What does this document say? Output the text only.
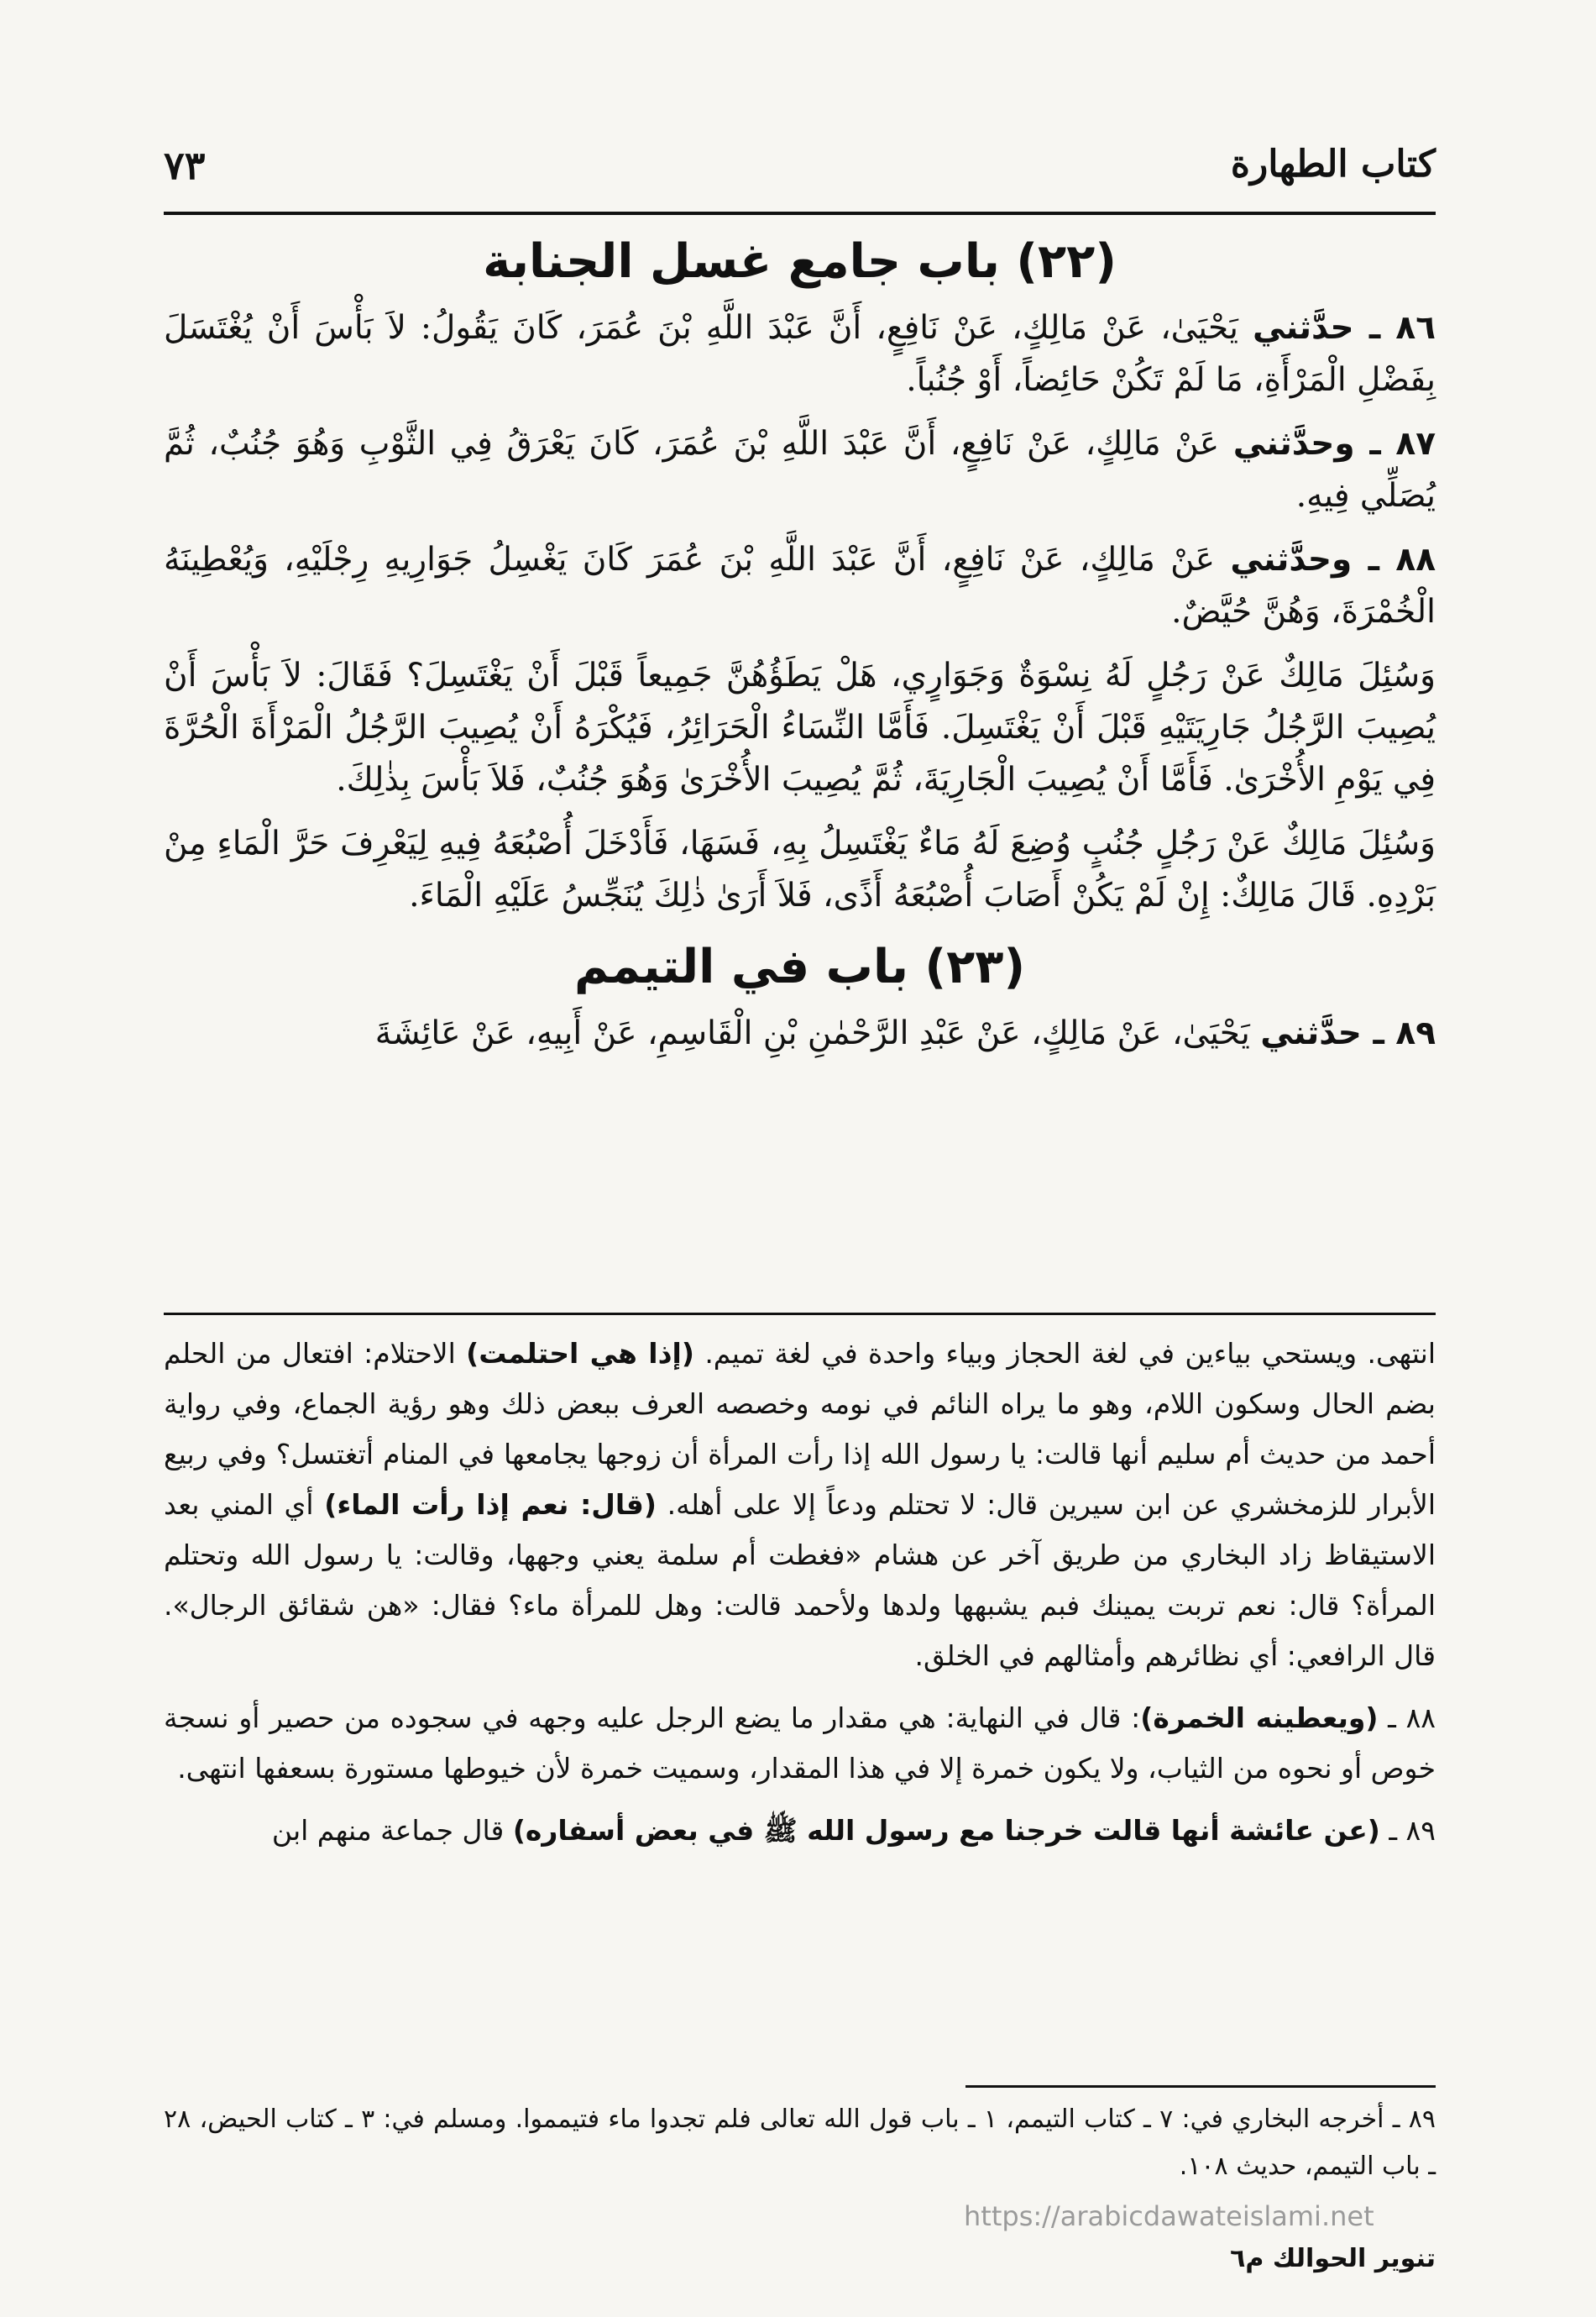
كتاب الطهارة
٧٣
(٢٢) باب جامع غسل الجنابة

٨٦ ـ حدَّثني يَحْيَىٰ، عَنْ مَالِكٍ، عَنْ نَافِعٍ، أَنَّ عَبْدَ اللَّهِ بْنَ عُمَرَ، كَانَ يَقُولُ: لاَ بَأْسَ أَنْ يُغْتَسَلَ بِفَضْلِ الْمَرْأَةِ، مَا لَمْ تَكُنْ حَائِضاً، أَوْ جُنُباً.

٨٧ ـ وحدَّثني عَنْ مَالِكٍ، عَنْ نَافِعٍ، أَنَّ عَبْدَ اللَّهِ بْنَ عُمَرَ، كَانَ يَعْرَقُ فِي الثَّوْبِ وَهُوَ جُنُبٌ، ثُمَّ يُصَلِّي فِيهِ.

٨٨ ـ وحدَّثني عَنْ مَالِكٍ، عَنْ نَافِعٍ، أَنَّ عَبْدَ اللَّهِ بْنَ عُمَرَ كَانَ يَغْسِلُ جَوَارِيهِ رِجْلَيْهِ، وَيُعْطِينَهُ الْخُمْرَةَ، وَهُنَّ حُيَّضٌ.

وَسُئِلَ مَالِكٌ عَنْ رَجُلٍ لَهُ نِسْوَةٌ وَجَوَارٍي، هَلْ يَطَؤُهُنَّ جَمِيعاً قَبْلَ أَنْ يَغْتَسِلَ؟ فَقَالَ: لاَ بَأْسَ أَنْ يُصِيبَ الرَّجُلُ جَارِيَتَيْهِ قَبْلَ أَنْ يَغْتَسِلَ. فَأَمَّا النِّسَاءُ الْحَرَائِرُ، فَيُكْرَهُ أَنْ يُصِيبَ الرَّجُلُ الْمَرْأَةَ الْحُرَّةَ فِي يَوْمِ الأُخْرَىٰ. فَأَمَّا أَنْ يُصِيبَ الْجَارِيَةَ، ثُمَّ يُصِيبَ الأُخْرَىٰ وَهُوَ جُنُبٌ، فَلاَ بَأْسَ بِذٰلِكَ.

وَسُئِلَ مَالِكٌ عَنْ رَجُلٍ جُنُبٍ وُضِعَ لَهُ مَاءٌ يَغْتَسِلُ بِهِ، فَسَهَا، فَأَدْخَلَ أُصْبُعَهُ فِيهِ لِيَعْرِفَ حَرَّ الْمَاءِ مِنْ بَرْدِهِ. قَالَ مَالِكٌ: إِنْ لَمْ يَكُنْ أَصَابَ أُصْبُعَهُ أَذًى، فَلاَ أَرَىٰ ذٰلِكَ يُنَجِّسُ عَلَيْهِ الْمَاءَ.

(٢٣) باب في التيمم

٨٩ ـ حدَّثني يَحْيَىٰ، عَنْ مَالِكٍ، عَنْ عَبْدِ الرَّحْمٰنِ بْنِ الْقَاسِمِ، عَنْ أَبِيهِ، عَنْ عَائِشَةَ

انتهى. ويستحي بياءين في لغة الحجاز وبياء واحدة في لغة تميم. (إذا هي احتلمت) الاحتلام: افتعال من الحلم بضم الحال وسكون اللام، وهو ما يراه النائم في نومه وخصصه العرف ببعض ذلك وهو رؤية الجماع، وفي رواية أحمد من حديث أم سليم أنها قالت: يا رسول الله إذا رأت المرأة أن زوجها يجامعها في المنام أتغتسل؟ وفي ربيع الأبرار للزمخشري عن ابن سيرين قال: لا تحتلم ودعاً إلا على أهله. (قال: نعم إذا رأت الماء) أي المني بعد الاستيقاظ زاد البخاري من طريق آخر عن هشام «فغطت أم سلمة يعني وجهها، وقالت: يا رسول الله وتحتلم المرأة؟ قال: نعم تربت يمينك فبم يشبهها ولدها ولأحمد قالت: وهل للمرأة ماء؟ فقال: «هن شقائق الرجال». قال الرافعي: أي نظائرهم وأمثالهم في الخلق.

٨٨ ـ (ويعطينه الخمرة): قال في النهاية: هي مقدار ما يضع الرجل عليه وجهه في سجوده من حصير أو نسجة خوص أو نحوه من الثياب، ولا يكون خمرة إلا في هذا المقدار، وسميت خمرة لأن خيوطها مستورة بسعفها انتهى.

٨٩ ـ (عن عائشة أنها قالت خرجنا مع رسول الله ﷺ في بعض أسفاره) قال جماعة منهم ابن

٨٩ ـ أخرجه البخاري في: ٧ ـ كتاب التيمم، ١ ـ باب قول الله تعالى فلم تجدوا ماء فتيمموا. ومسلم في: ٣ ـ كتاب الحيض، ٢٨ ـ باب التيمم، حديث ١٠٨.
https://arabicdawateislami.net
تنوير الحوالك م٦
